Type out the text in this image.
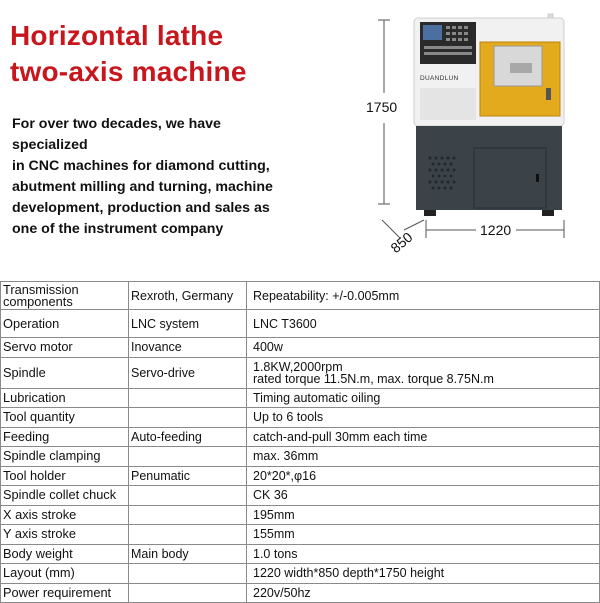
Horizontal lathe
two-axis machine

For over two decades, we have specialized

in CNC machines for diamond cutting,

abutment milling and turning, machine

development, production and sales as

one of the instrument company

1750
DUANDLUN
1220
850
Transmission components	Rexroth, Germany	Repeatability: +/-0.005mm
Operation	LNC system	LNC T3600
Servo motor	Inovance	400w
Spindle	Servo-drive	1.8KW,2000rpm
rated torque 11.5N.m, max. torque 8.75N.m
Lubrication		Timing automatic oiling
Tool quantity		Up to 6 tools
Feeding	Auto-feeding	catch-and-pull 30mm each time
Spindle clamping		max. 36mm
Tool holder	Penumatic	20*20*,φ16
Spindle collet chuck		CK 36
X axis stroke		195mm
Y axis stroke		155mm
Body weight	Main body	1.0 tons
Layout (mm)		1220 width*850 depth*1750 height
Power requirement		220v/50hz
